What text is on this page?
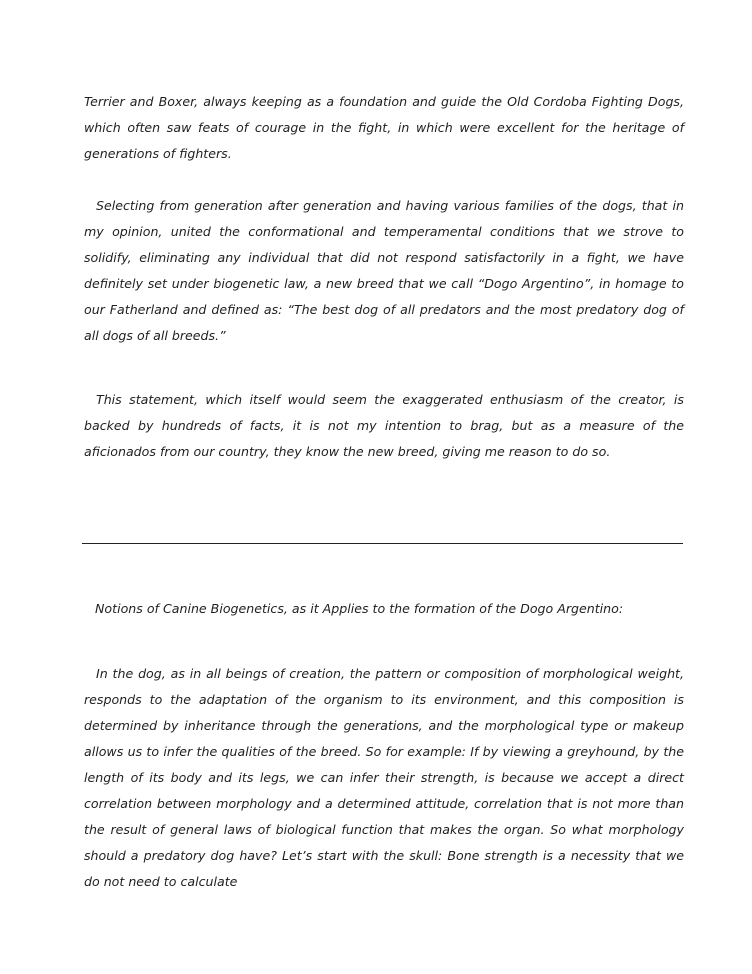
Terrier and Boxer, always keeping as a foundation and guide the Old Cordoba Fighting Dogs, which often saw feats of courage in the fight, in which were excellent for the heritage of generations of fighters.

Selecting from generation after generation and having various families of the dogs, that in my opinion, united the conformational and temperamental conditions that we strove to solidify, eliminating any individual that did not respond satisfactorily in a fight, we have definitely set under biogenetic law, a new breed that we call “Dogo Argentino”, in homage to our Fatherland and defined as: “The best dog of all predators and the most predatory dog of all dogs of all breeds.”

This statement, which itself would seem the exaggerated enthusiasm of the creator, is backed by hundreds of facts, it is not my intention to brag, but as a measure of the aficionados from our country, they know the new breed, giving me reason to do so.

Notions of Canine Biogenetics, as it Applies to the formation of the Dogo Argentino:

In the dog, as in all beings of creation, the pattern or composition of morphological weight, responds to the adaptation of the organism to its environment, and this composition is determined by inheritance through the generations, and the morphological type or makeup allows us to infer the qualities of the breed. So for example: If by viewing a greyhound, by the length of its body and its legs, we can infer their strength, is because we accept a direct correlation between morphology and a determined attitude, correlation that is not more than the result of general laws of biological function that makes the organ. So what morphology should a predatory dog have? Let’s start with the skull: Bone strength is a necessity that we do not need to calculate
